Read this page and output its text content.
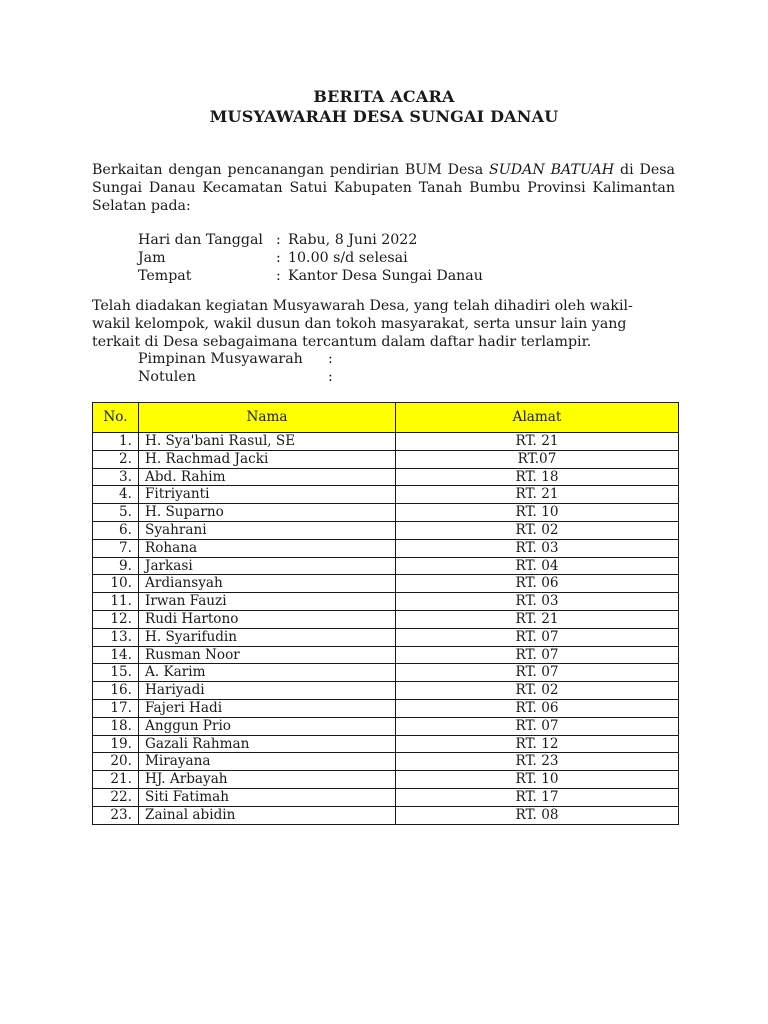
BERITA ACARA
MUSYAWARAH DESA SUNGAI DANAU
Berkaitan dengan pencanangan pendirian BUM Desa SUDAN BATUAH di Desa Sungai Danau Kecamatan Satui Kabupaten Tanah Bumbu Provinsi Kalimantan Selatan pada:
Hari dan Tanggal : Rabu, 8 Juni 2022
Jam	: 10.00 s/d selesai
Tempat	: Kantor Desa Sungai Danau
Telah diadakan kegiatan Musyawarah Desa, yang telah dihadiri oleh wakil-
wakil kelompok, wakil dusun dan tokoh masyarakat, serta unsur lain yang
terkait di Desa sebagaimana tercantum dalam daftar hadir terlampir.
Pimpinan Musyawarah	:
Notulen	:
No.	Nama	Alamat
1.	H. Sya'bani Rasul, SE	RT. 21
2.	H. Rachmad Jacki	RT.07
3.	Abd. Rahim	RT. 18
4.	Fitriyanti	RT. 21
5.	H. Suparno	RT. 10
6.	Syahrani	RT. 02
7.	Rohana	RT. 03
9.	Jarkasi	RT. 04
10.	Ardiansyah	RT. 06
11.	Irwan Fauzi	RT. 03
12.	Rudi Hartono	RT. 21
13.	H. Syarifudin	RT. 07
14.	Rusman Noor	RT. 07
15.	A. Karim	RT. 07
16.	Hariyadi	RT. 02
17.	Fajeri Hadi	RT. 06
18.	Anggun Prio	RT. 07
19.	Gazali Rahman	RT. 12
20.	Mirayana	RT. 23
21.	HJ. Arbayah	RT. 10
22.	Siti Fatimah	RT. 17
23.	Zainal abidin	RT. 08
